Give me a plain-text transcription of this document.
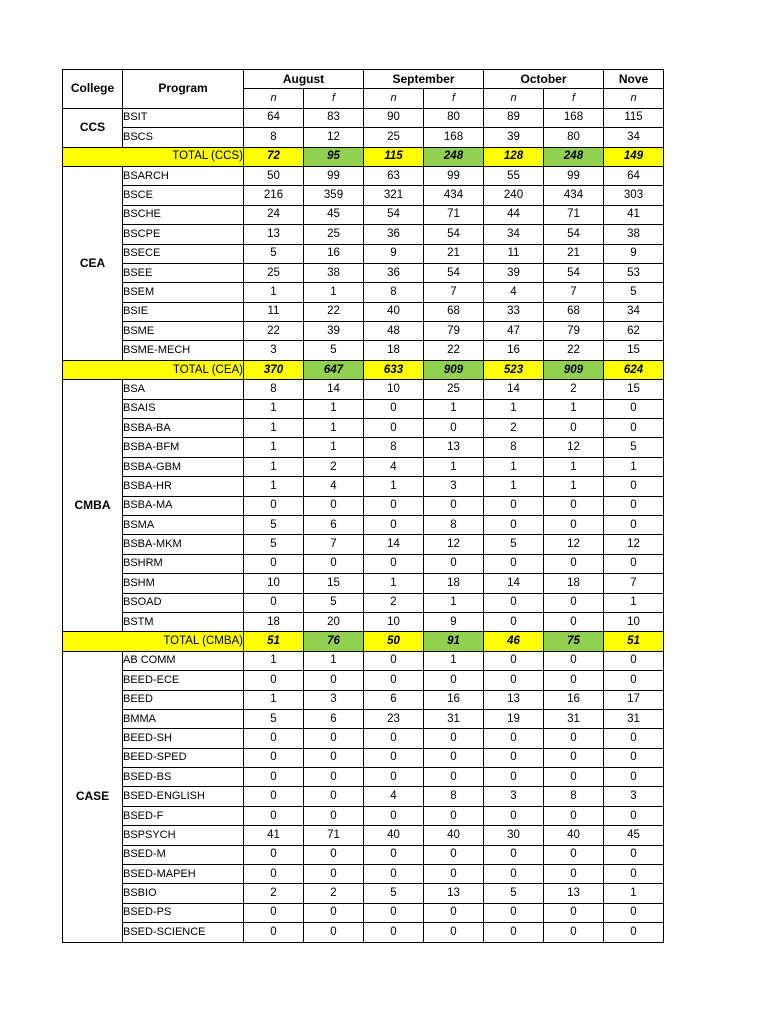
College	Program	August		September		October		Nove
		n	f	n	f	n	f	n
CCS	BSIT	64	83	90	80	89	168	115
	BSCS	8	12	25	168	39	80	34
TOTAL (CCS)		72	95	115	248	128	248	149
CEA	BSARCH	50	99	63	99	55	99	64
	BSCE	216	359	321	434	240	434	303
	BSCHE	24	45	54	71	44	71	41
	BSCPE	13	25	36	54	34	54	38
	BSECE	5	16	9	21	11	21	9
	BSEE	25	38	36	54	39	54	53
	BSEM	1	1	8	7	4	7	5
	BSIE	11	22	40	68	33	68	34
	BSME	22	39	48	79	47	79	62
	BSME-MECH	3	5	18	22	16	22	15
TOTAL (CEA)		370	647	633	909	523	909	624
CMBA	BSA	8	14	10	25	14	2	15
	BSAIS	1	1	0	1	1	1	0
	BSBA-BA	1	1	0	0	2	0	0
	BSBA-BFM	1	1	8	13	8	12	5
	BSBA-GBM	1	2	4	1	1	1	1
	BSBA-HR	1	4	1	3	1	1	0
	BSBA-MA	0	0	0	0	0	0	0
	BSMA	5	6	0	8	0	0	0
	BSBA-MKM	5	7	14	12	5	12	12
	BSHRM	0	0	0	0	0	0	0
	BSHM	10	15	1	18	14	18	7
	BSOAD	0	5	2	1	0	0	1
	BSTM	18	20	10	9	0	0	10
TOTAL (CMBA)		51	76	50	91	46	75	51
CASE	AB COMM	1	1	0	1	0	0	0
	BEED-ECE	0	0	0	0	0	0	0
	BEED	1	3	6	16	13	16	17
	BMMA	5	6	23	31	19	31	31
	BEED-SH	0	0	0	0	0	0	0
	BEED-SPED	0	0	0	0	0	0	0
	BSED-BS	0	0	0	0	0	0	0
	BSED-ENGLISH	0	0	4	8	3	8	3
	BSED-F	0	0	0	0	0	0	0
	BSPSYCH	41	71	40	40	30	40	45
	BSED-M	0	0	0	0	0	0	0
	BSED-MAPEH	0	0	0	0	0	0	0
	BSBIO	2	2	5	13	5	13	1
	BSED-PS	0	0	0	0	0	0	0
	BSED-SCIENCE	0	0	0	0	0	0	0
